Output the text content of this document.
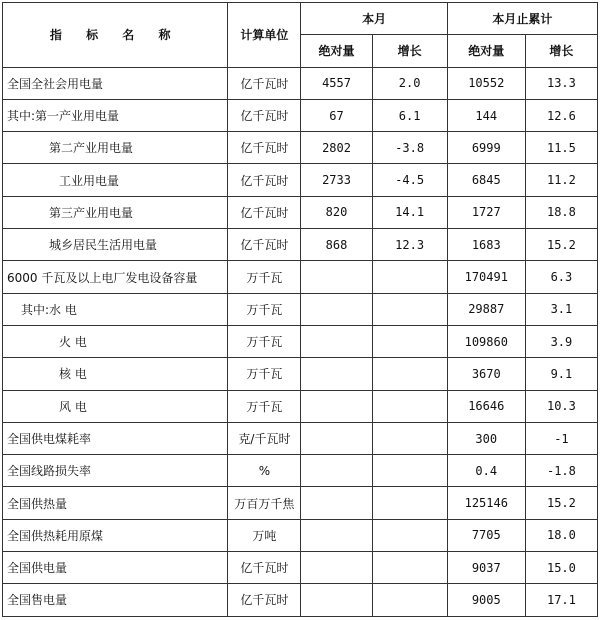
指 标 名 称	计算单位	本月		本月止累计	
		绝对量	增长	绝对量	增长
全国全社会用电量	亿千瓦时	4557	2.0	10552	13.3
其中:第一产业用电量	亿千瓦时	67	6.1	144	12.6
第二产业用电量	亿千瓦时	2802	-3.8	6999	11.5
工业用电量	亿千瓦时	2733	-4.5	6845	11.2
第三产业用电量	亿千瓦时	820	14.1	1727	18.8
城乡居民生活用电量	亿千瓦时	868	12.3	1683	15.2
6000 千瓦及以上电厂发电设备容量	万千瓦			170491	6.3
其中:水 电	万千瓦			29887	3.1
火 电	万千瓦			109860	3.9
核 电	万千瓦			3670	9.1
风 电	万千瓦			16646	10.3
全国供电煤耗率	克/千瓦时			300	-1
全国线路损失率	%			0.4	-1.8
全国供热量	万百万千焦			125146	15.2
全国供热耗用原煤	万吨			7705	18.0
全国供电量	亿千瓦时			9037	15.0
全国售电量	亿千瓦时			9005	17.1
